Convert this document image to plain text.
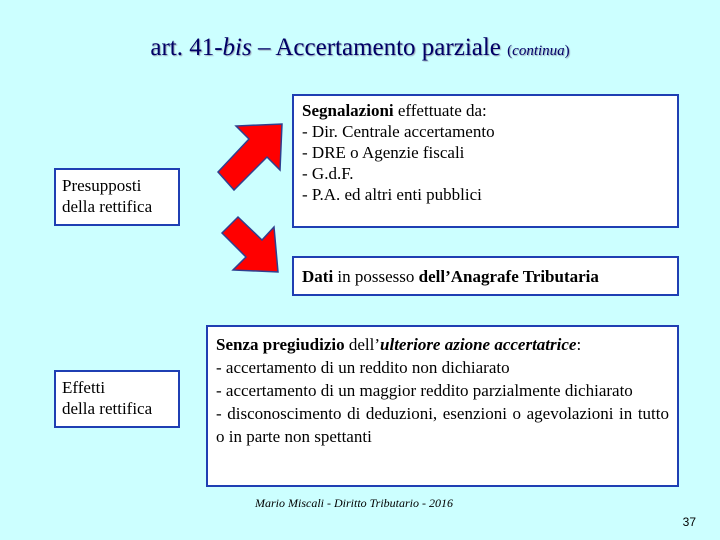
art. 41-bis – Accertamento parziale (continua)
Presupposti
della rettifica
Segnalazioni effettuate da:
- Dir. Centrale accertamento
- DRE o Agenzie fiscali
- G.d.F.
- P.A. ed altri enti pubblici
Dati in possesso dell’Anagrafe Tributaria
Effetti
della rettifica
Senza pregiudizio dell’ulteriore azione accertatrice:
- accertamento di un reddito non dichiarato
- accertamento di un maggior reddito parzialmente dichiarato
- disconoscimento di deduzioni, esenzioni o agevolazioni in tutto o in parte non spettanti
Mario Miscali - Diritto Tributario - 2016
37
